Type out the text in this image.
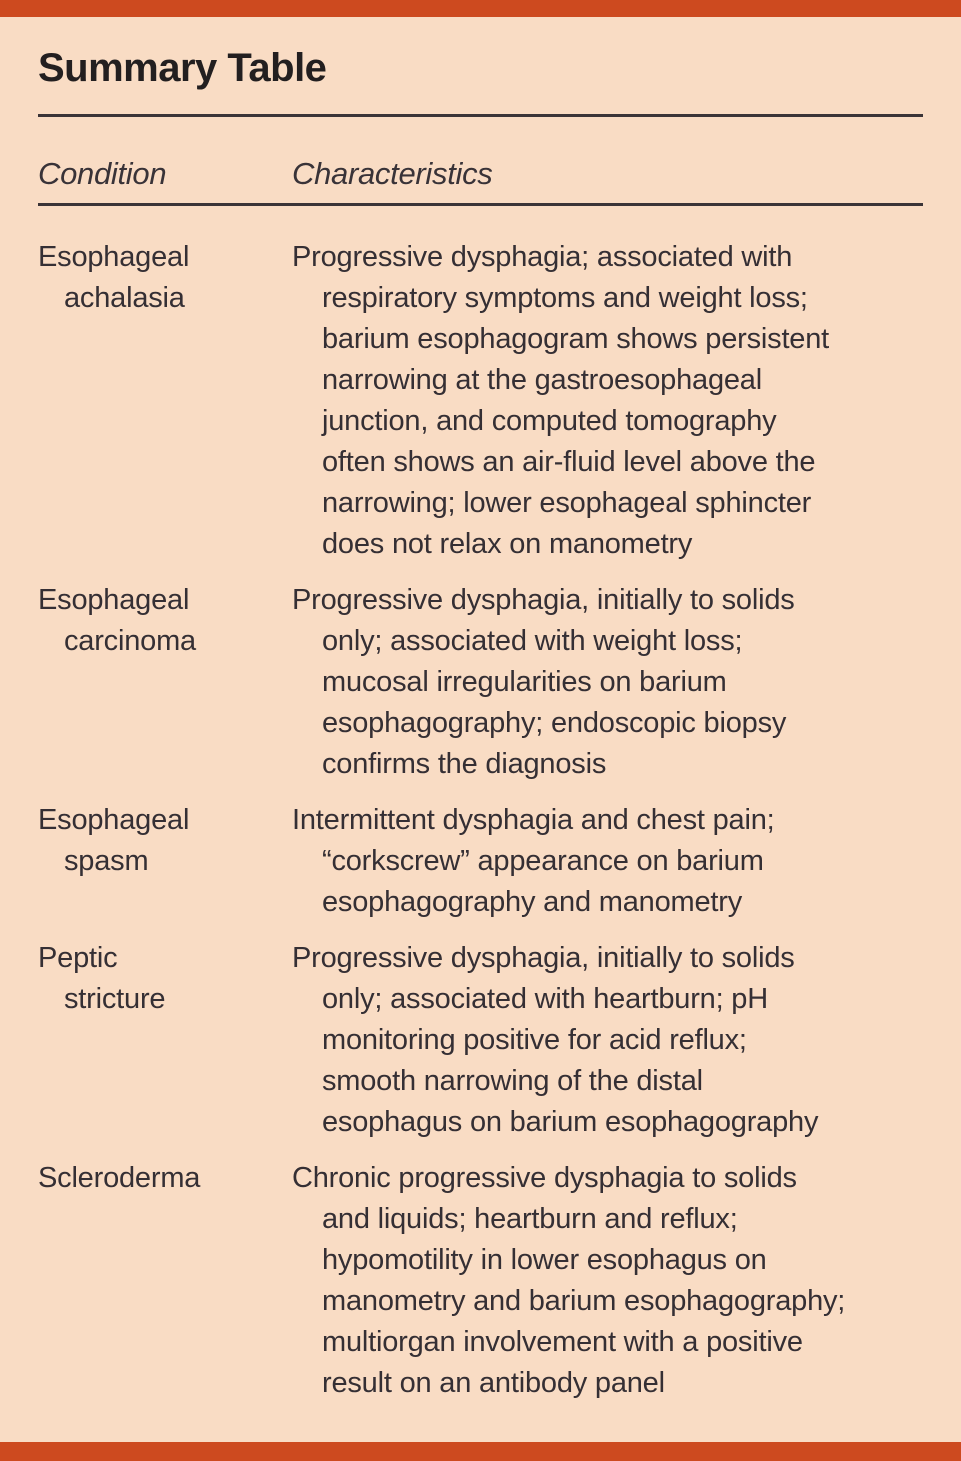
Summary Table
Condition	Characteristics
Esophageal
achalasia
Progressive dysphagia; associated with
respiratory symptoms and weight loss;
barium esophagogram shows persistent
narrowing at the gastroesophageal
junction, and computed tomography
often shows an air-fluid level above the
narrowing; lower esophageal sphincter
does not relax on manometry
Esophageal
carcinoma
Progressive dysphagia, initially to solids
only; associated with weight loss;
mucosal irregularities on barium
esophagography; endoscopic biopsy
confirms the diagnosis
Esophageal
spasm
Intermittent dysphagia and chest pain;
“corkscrew” appearance on barium
esophagography and manometry
Peptic
stricture
Progressive dysphagia, initially to solids
only; associated with heartburn; pH
monitoring positive for acid reflux;
smooth narrowing of the distal
esophagus on barium esophagography
Scleroderma	Chronic progressive dysphagia to solids
and liquids; heartburn and reflux;
hypomotility in lower esophagus on
manometry and barium esophagography;
multiorgan involvement with a positive
result on an antibody panel
